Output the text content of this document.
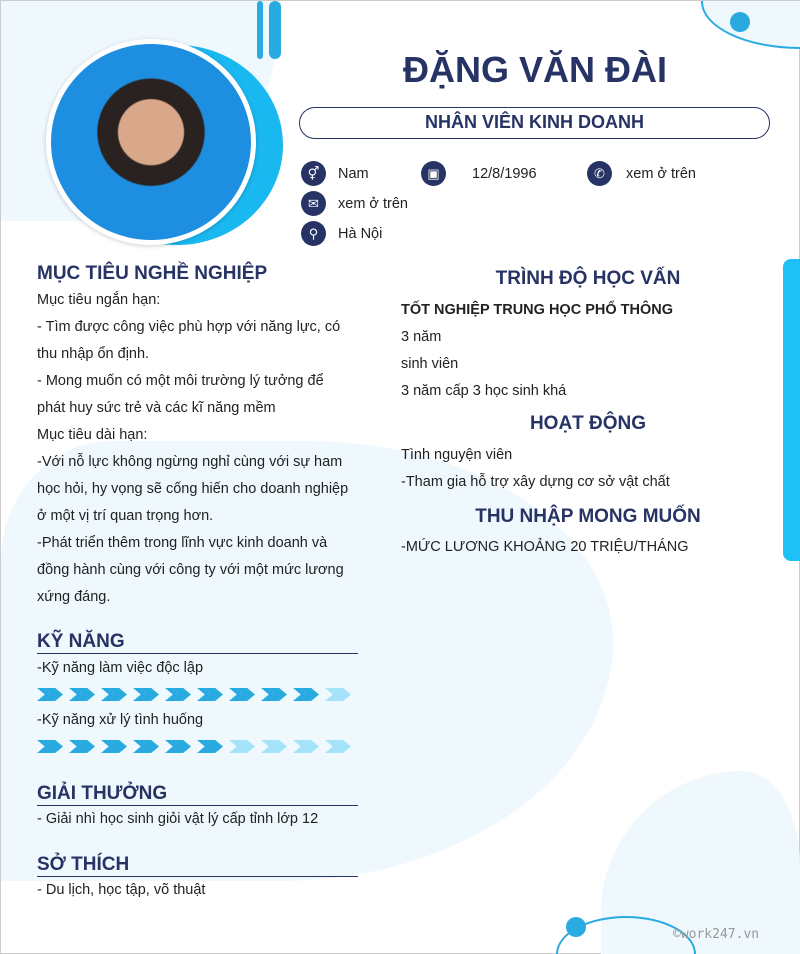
ĐẶNG VĂN ĐÀI
NHÂN VIÊN KINH DOANH
⚥	Nam	▣	12/8/1996	✆	xem ở trên
✉	xem ở trên
⚲	Hà Nội
MỤC TIÊU NGHỀ NGHIỆP
Mục tiêu ngắn hạn:
- Tìm được công việc phù hợp với năng lực, có
thu nhập ổn định.
- Mong muốn có một môi trường lý tưởng để
phát huy sức trẻ và các kĩ năng mềm
Mục tiêu dài hạn:
-Với nỗ lực không ngừng nghỉ cùng với sự ham
học hỏi, hy vọng sẽ cống hiến cho doanh nghiệp
ở một vị trí quan trọng hơn.
-Phát triển thêm trong lĩnh vực kinh doanh và
đồng hành cùng với công ty với một mức lương
xứng đáng.
KỸ NĂNG
-Kỹ năng làm việc độc lập
-Kỹ năng xử lý tình huống
GIẢI THƯỞNG
- Giải nhì học sinh giỏi vật lý cấp tỉnh lớp 12
SỞ THÍCH
- Du lịch, học tập, võ thuật
TRÌNH ĐỘ HỌC VẤN
TỐT NGHIỆP TRUNG HỌC PHỔ THÔNG
3 năm
sinh viên
3 năm cấp 3 học sinh khá
HOẠT ĐỘNG
Tình nguyện viên
-Tham gia hỗ trợ xây dựng cơ sở vật chất
THU NHẬP MONG MUỐN
-MỨC LƯƠNG KHOẢNG 20 TRIỆU/THÁNG
©work247.vn
